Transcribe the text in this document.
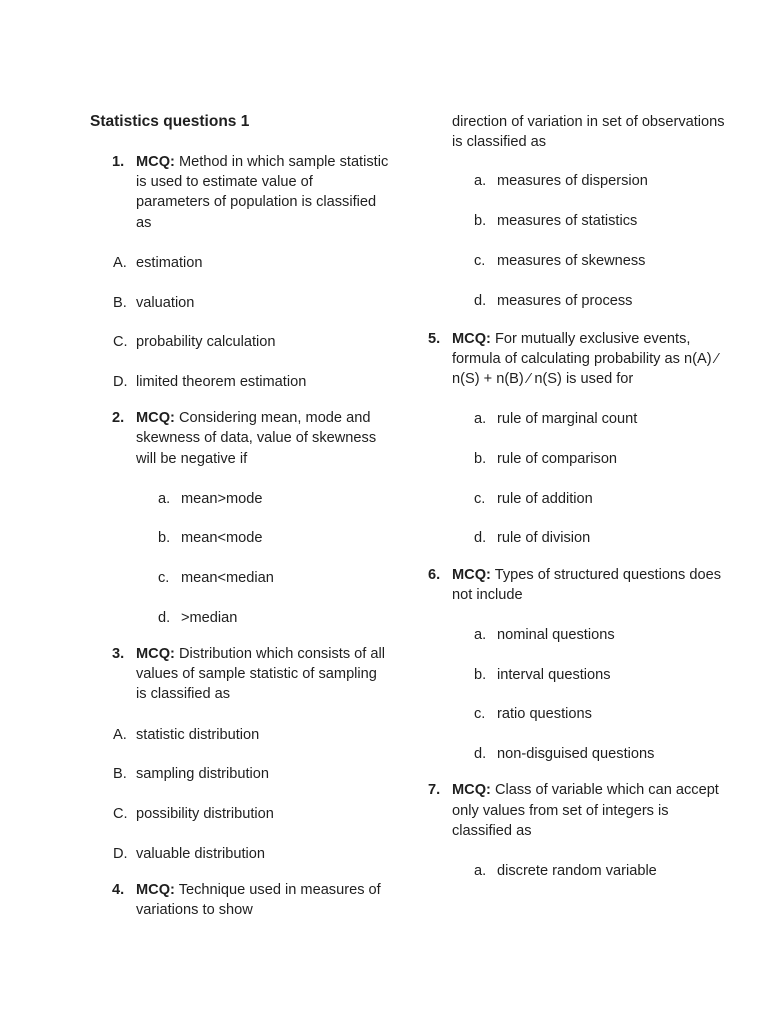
Statistics questions 1
1. MCQ: Method in which sample statistic is used to estimate value of parameters of population is classified as
A. estimation
B. valuation
C. probability calculation
D. limited theorem estimation
2. MCQ: Considering mean, mode and skewness of data, value of skewness will be negative if
a. mean>mode
b. mean<mode
c. mean<median
d. >median
3. MCQ: Distribution which consists of all values of sample statistic of sampling is classified as
A. statistic distribution
B. sampling distribution
C. possibility distribution
D. valuable distribution
4. MCQ: Technique used in measures of variations to show
direction of variation in set of observations is classified as
a. measures of dispersion
b. measures of statistics
c. measures of skewness
d. measures of process
5. MCQ: For mutually exclusive events, formula of calculating probability as n(A) ⁄ n(S) + n(B) ⁄ n(S) is used for
a. rule of marginal count
b. rule of comparison
c. rule of addition
d. rule of division
6. MCQ: Types of structured questions does not include
a. nominal questions
b. interval questions
c. ratio questions
d. non-disguised questions
7. MCQ: Class of variable which can accept only values from set of integers is classified as
a. discrete random variable
